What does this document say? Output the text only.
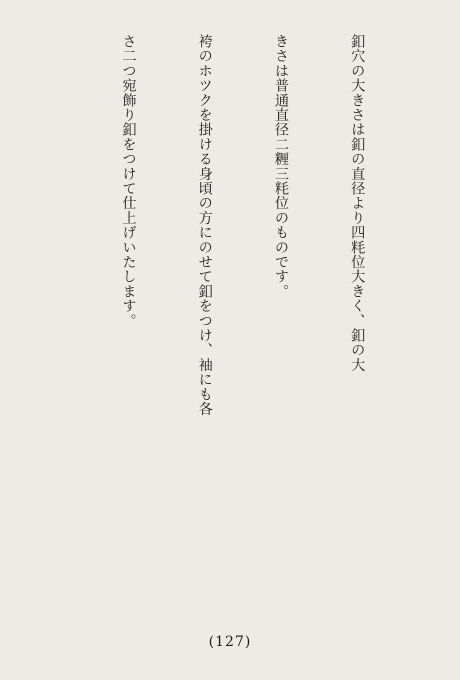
釦穴の大きさは釦の直径より四粍位大きく、釦の大

きさは普通直径二糎三粍位のものです。

袴のホツクを掛ける身頃の方にのせて釦をつけ、袖にも各

さ二つ宛飾り釦をつけて仕上げいたします。

(127)
